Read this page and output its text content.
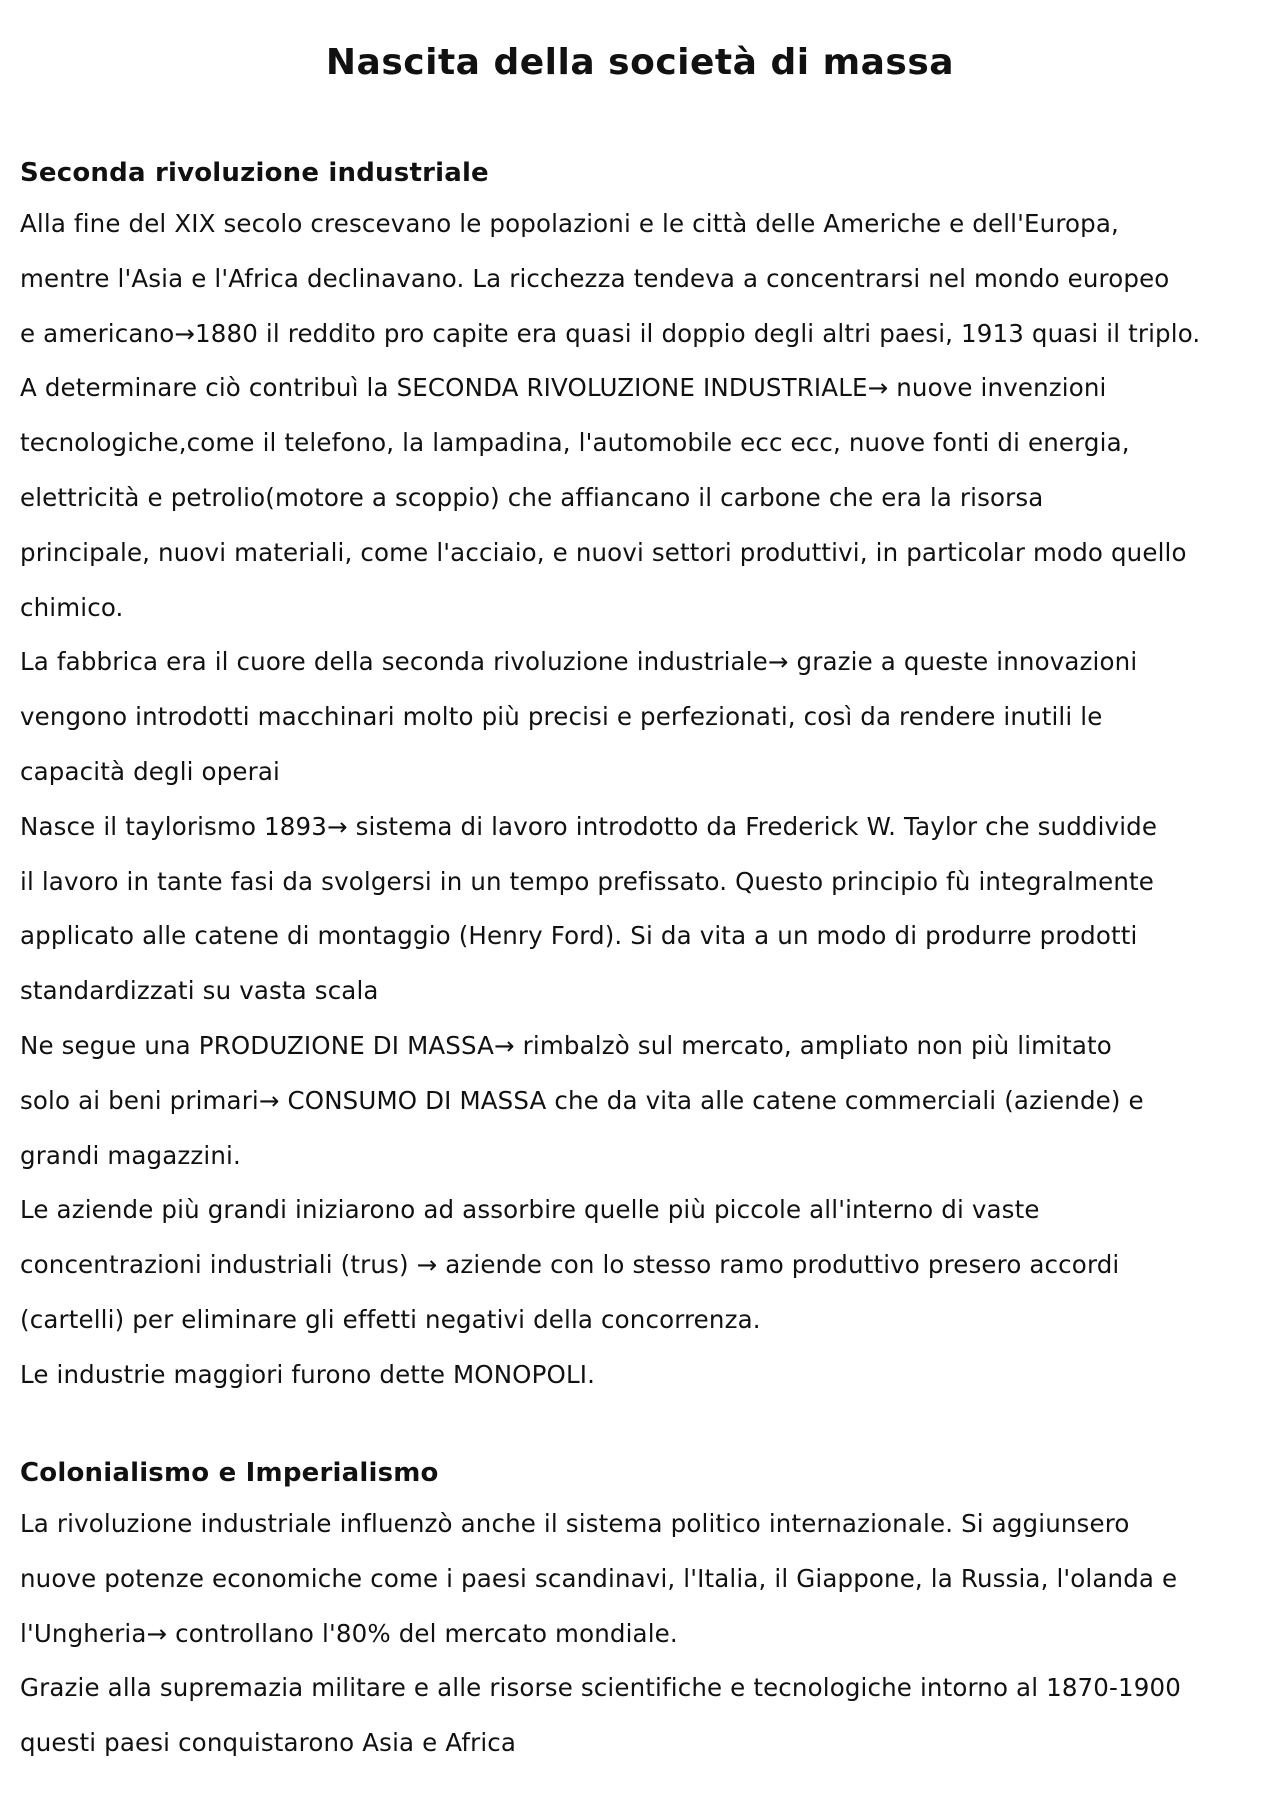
Nascita della società di massa
Seconda rivoluzione industriale
Alla fine del XIX secolo crescevano le popolazioni e le città delle Americhe e dell'Europa,
mentre l'Asia e l'Africa declinavano. La ricchezza tendeva a concentrarsi nel mondo europeo
e americano→1880 il reddito pro capite era quasi il doppio degli altri paesi, 1913 quasi il triplo.
A determinare ciò contribuì la SECONDA RIVOLUZIONE INDUSTRIALE→ nuove invenzioni
tecnologiche,come il telefono, la lampadina, l'automobile ecc ecc, nuove fonti di energia,
elettricità e petrolio(motore a scoppio) che affiancano il carbone che era la risorsa
principale, nuovi materiali, come l'acciaio, e nuovi settori produttivi, in particolar modo quello
chimico.
La fabbrica era il cuore della seconda rivoluzione industriale→ grazie a queste innovazioni
vengono introdotti macchinari molto più precisi e perfezionati, così da rendere inutili le
capacità degli operai
Nasce il taylorismo 1893→ sistema di lavoro introdotto da Frederick W. Taylor che suddivide
il lavoro in tante fasi da svolgersi in un tempo prefissato. Questo principio fù integralmente
applicato alle catene di montaggio (Henry Ford). Si da vita a un modo di produrre prodotti
standardizzati su vasta scala
Ne segue una PRODUZIONE DI MASSA→ rimbalzò sul mercato, ampliato non più limitato
solo ai beni primari→ CONSUMO DI MASSA che da vita alle catene commerciali (aziende) e
grandi magazzini.
Le aziende più grandi iniziarono ad assorbire quelle più piccole all'interno di vaste
concentrazioni industriali (trus) → aziende con lo stesso ramo produttivo presero accordi
(cartelli) per eliminare gli effetti negativi della concorrenza.
Le industrie maggiori furono dette MONOPOLI.
Colonialismo e Imperialismo
La rivoluzione industriale influenzò anche il sistema politico internazionale. Si aggiunsero
nuove potenze economiche come i paesi scandinavi, l'Italia, il Giappone, la Russia, l'olanda e
l'Ungheria→ controllano l'80% del mercato mondiale.
Grazie alla supremazia militare e alle risorse scientifiche e tecnologiche intorno al 1870-1900
questi paesi conquistarono Asia e Africa
